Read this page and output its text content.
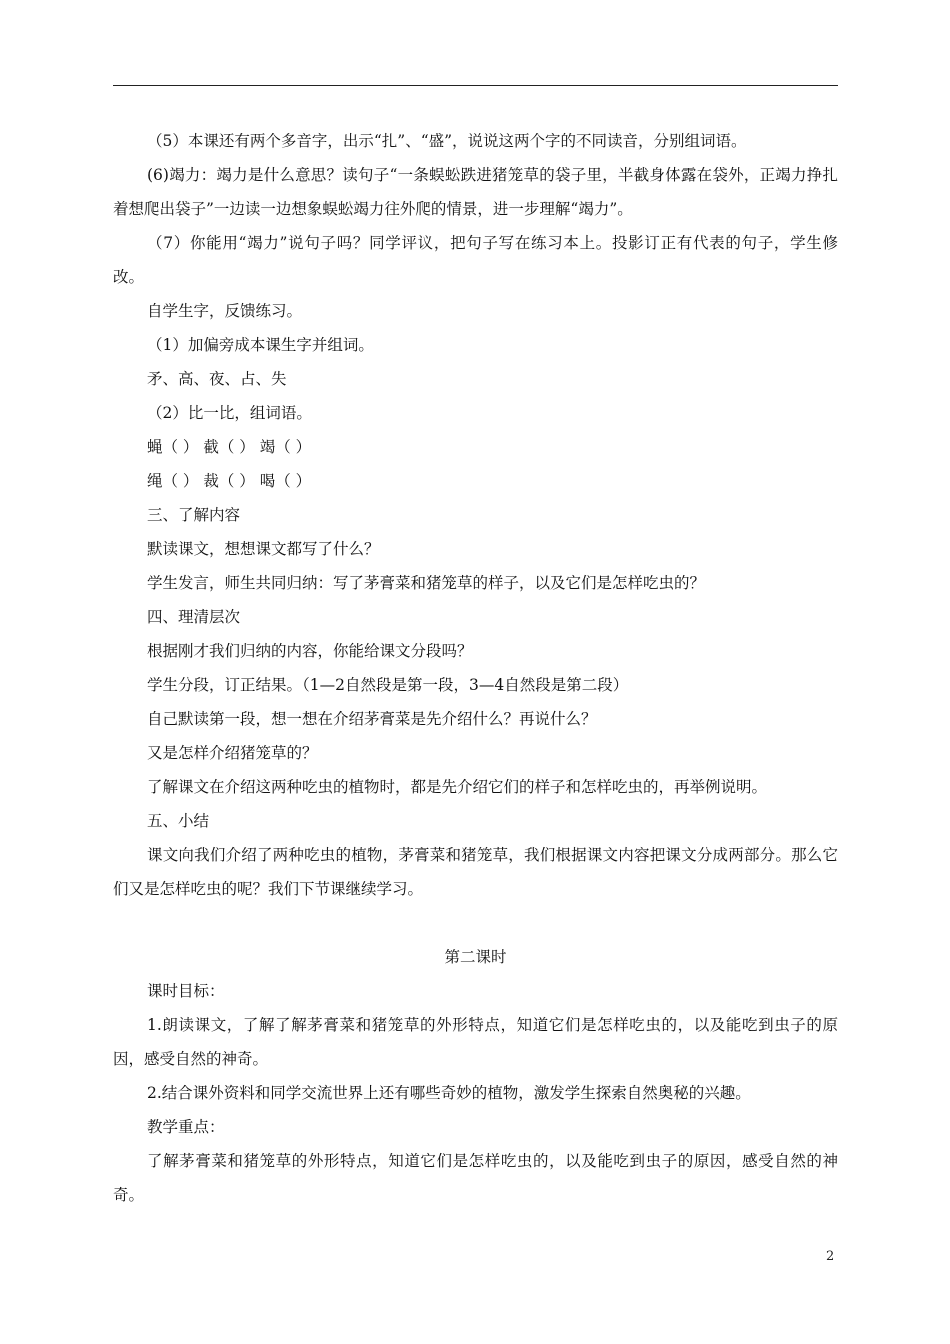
（5）本课还有两个多音字，出示“扎”、“盛”，说说这两个字的不同读音，分别组词语。

(6)竭力：竭力是什么意思？读句子“一条蜈蚣跌进猪笼草的袋子里，半截身体露在袋外，正竭力挣扎着想爬出袋子”一边读一边想象蜈蚣竭力往外爬的情景，进一步理解“竭力”。

（7）你能用“竭力”说句子吗？同学评议，把句子写在练习本上。投影订正有代表的句子，学生修改。

自学生字，反馈练习。

（1）加偏旁成本课生字并组词。

矛、高、夜、占、失

（2）比一比，组词语。

蝇（ ） 截（ ） 竭（ ）

绳（ ） 裁（ ） 喝（ ）

三、了解内容

默读课文，想想课文都写了什么？

学生发言，师生共同归纳：写了茅膏菜和猪笼草的样子，以及它们是怎样吃虫的？

四、理清层次

根据刚才我们归纳的内容，你能给课文分段吗？

学生分段，订正结果。（1—2自然段是第一段，3—4自然段是第二段）

自己默读第一段，想一想在介绍茅膏菜是先介绍什么？再说什么？

又是怎样介绍猪笼草的？

了解课文在介绍这两种吃虫的植物时，都是先介绍它们的样子和怎样吃虫的，再举例说明。

五、小结

课文向我们介绍了两种吃虫的植物，茅膏菜和猪笼草，我们根据课文内容把课文分成两部分。那么它们又是怎样吃虫的呢？我们下节课继续学习。

第二课时

课时目标：

1.朗读课文，了解了解茅膏菜和猪笼草的外形特点，知道它们是怎样吃虫的，以及能吃到虫子的原因，感受自然的神奇。

2.结合课外资料和同学交流世界上还有哪些奇妙的植物，激发学生探索自然奥秘的兴趣。

教学重点：

了解茅膏菜和猪笼草的外形特点，知道它们是怎样吃虫的，以及能吃到虫子的原因，感受自然的神奇。

2
